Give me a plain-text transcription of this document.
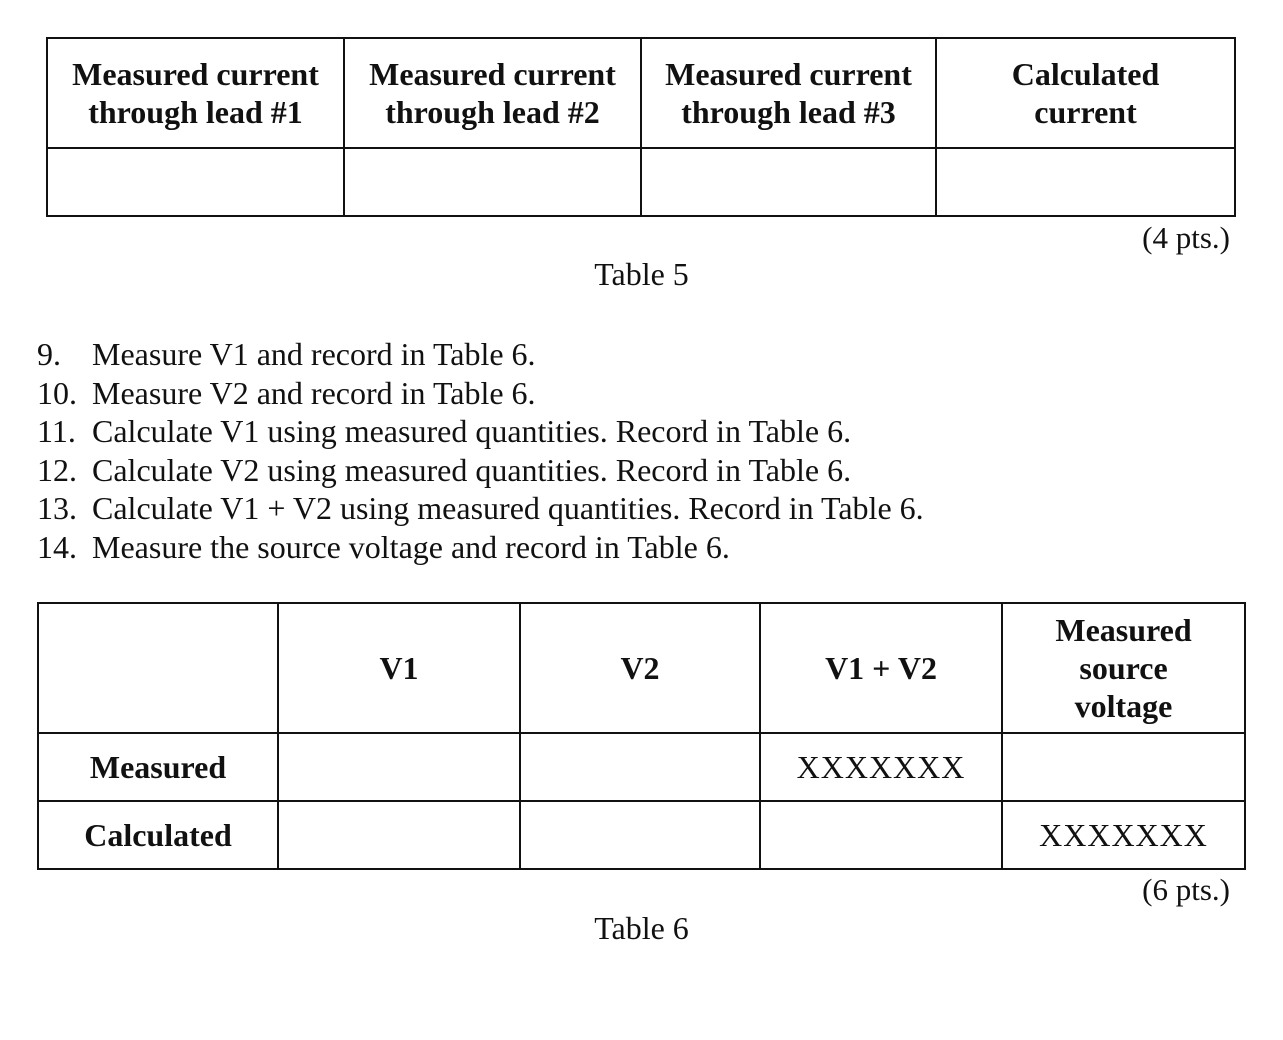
Measured current
through lead #1	Measured current
through lead #2	Measured current
through lead #3	Calculated
current

(4 pts.)
Table 5
9. Measure V1 and record in Table 6.
10. Measure V2 and record in Table 6.
11. Calculate V1 using measured quantities. Record in Table 6.
12. Calculate V2 using measured quantities. Record in Table 6.
13. Calculate V1 + V2 using measured quantities. Record in Table 6.
14. Measure the source voltage and record in Table 6.
	V1	V2	V1 + V2	Measured
source
voltage
Measured			XXXXXXX	
Calculated				XXXXXXX
(6 pts.)
Table 6
